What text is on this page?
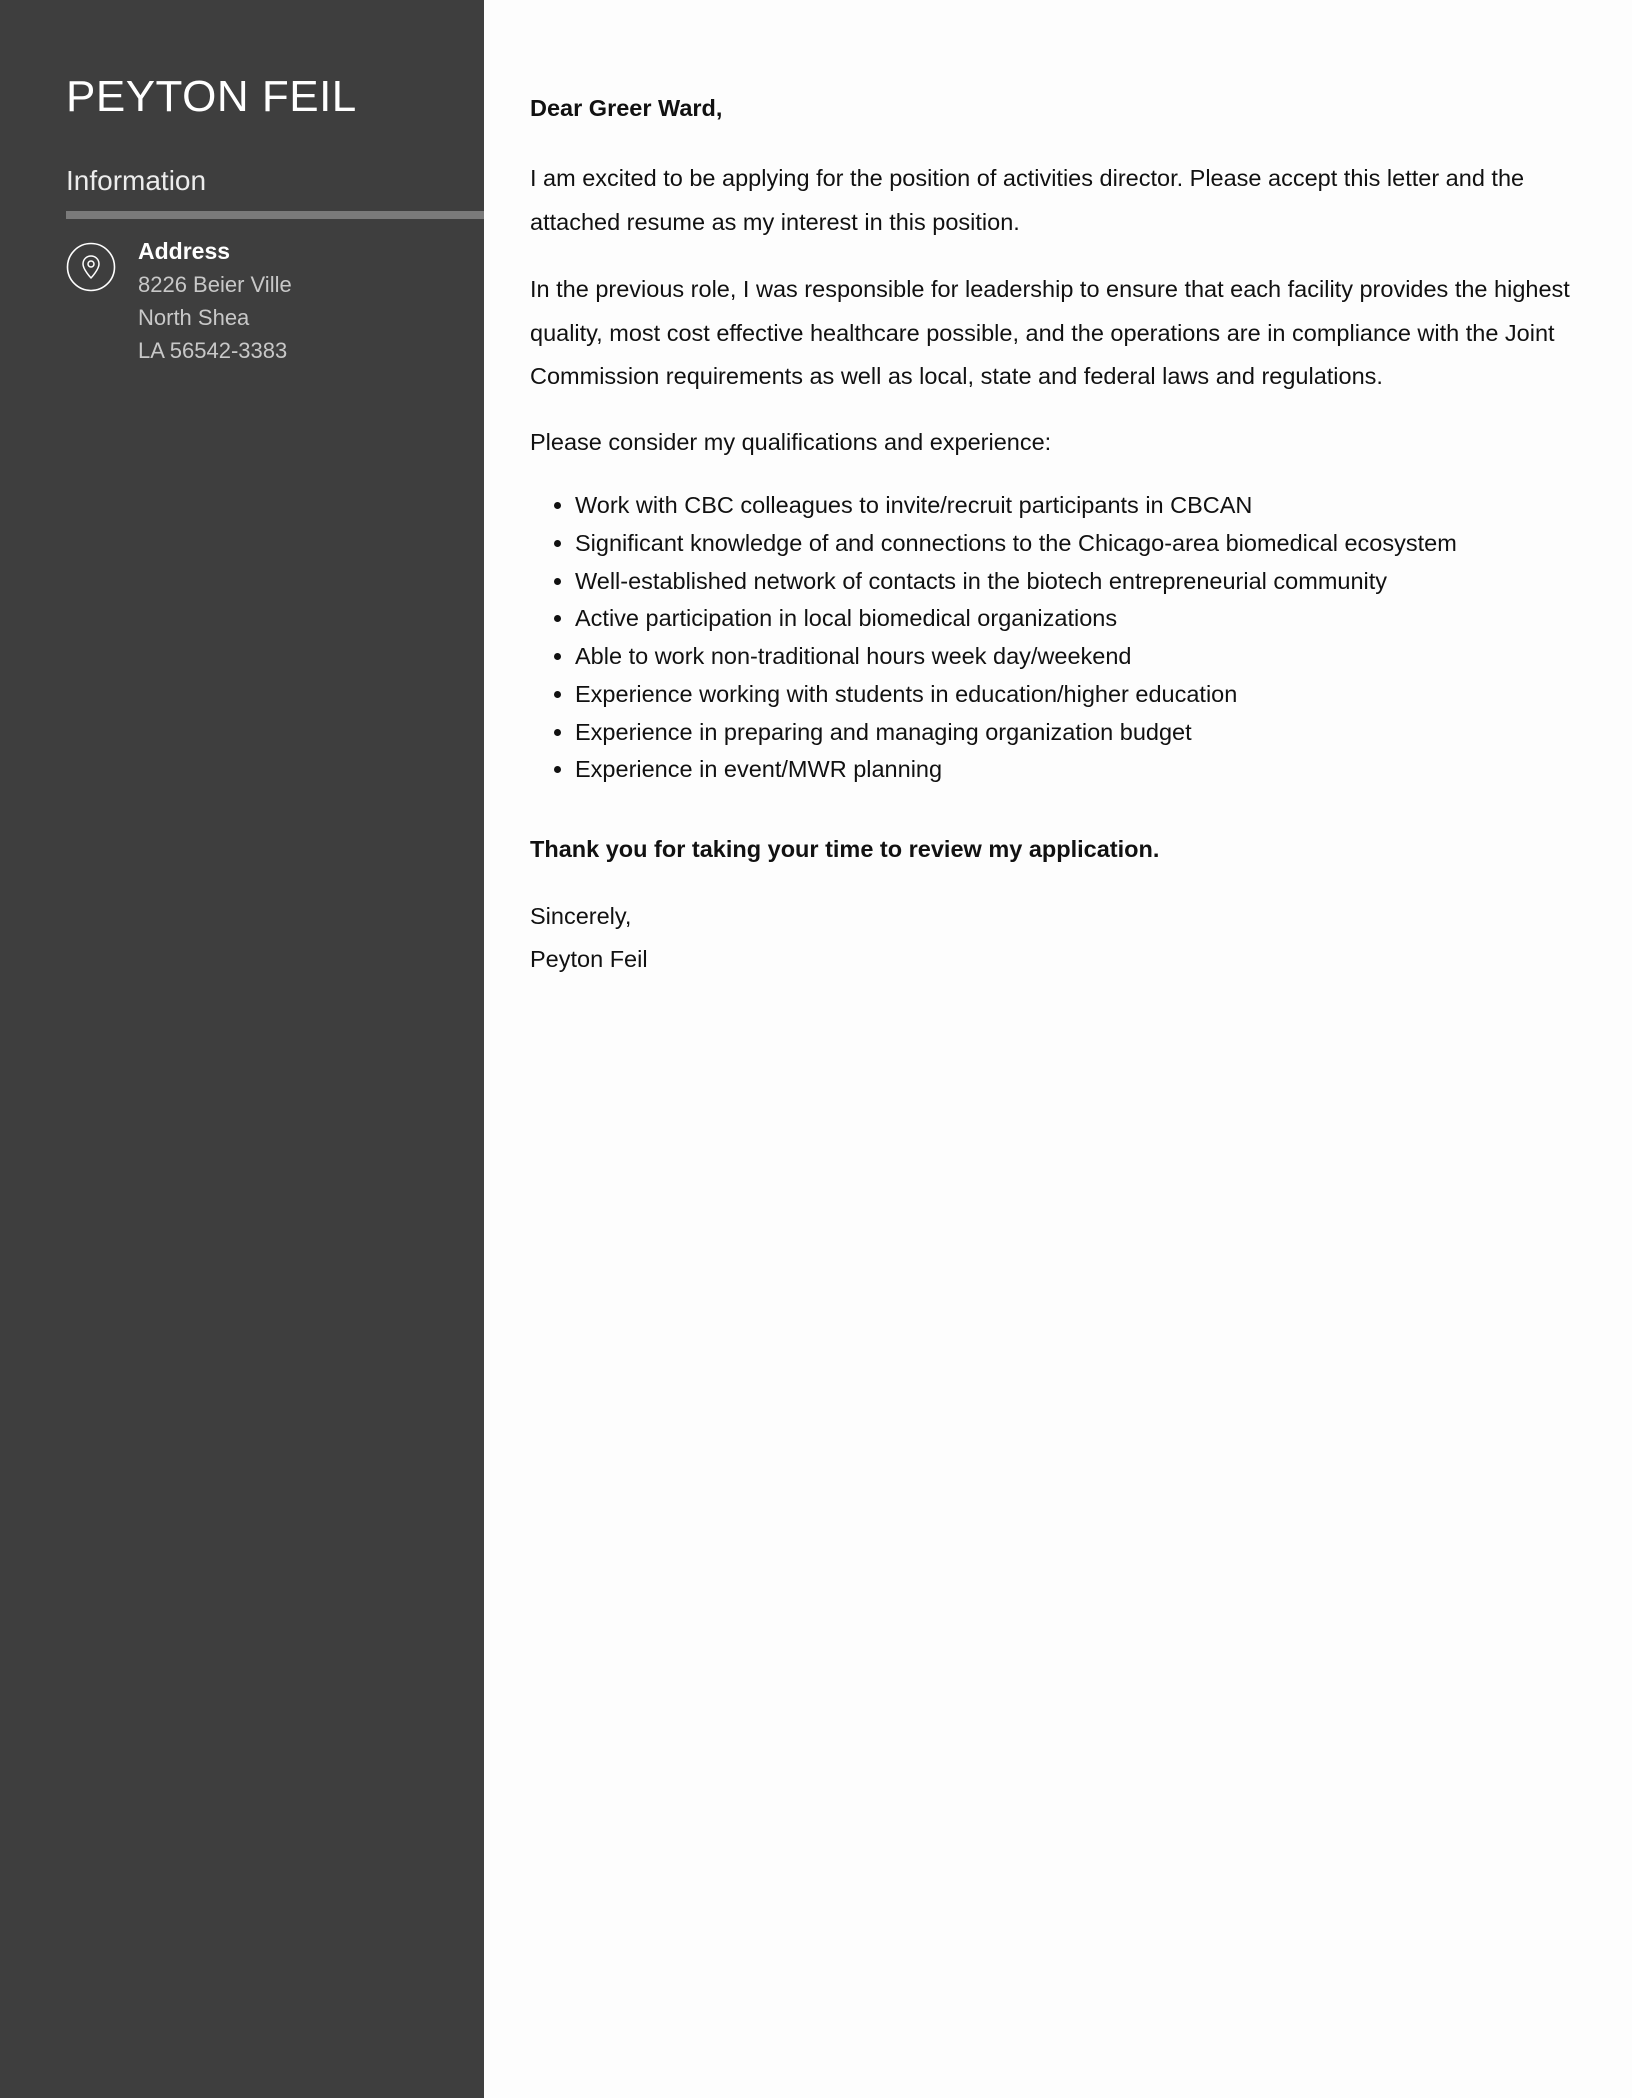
PEYTON FEIL
Information
Address
8226 Beier Ville
North Shea
LA 56542-3383

Dear Greer Ward,

I am excited to be applying for the position of activities director. Please accept this letter and the attached resume as my interest in this position.

In the previous role, I was responsible for leadership to ensure that each facility provides the highest quality, most cost effective healthcare possible, and the operations are in compliance with the Joint Commission requirements as well as local, state and federal laws and regulations.

Please consider my qualifications and experience:

• Work with CBC colleagues to invite/recruit participants in CBCAN
• Significant knowledge of and connections to the Chicago-area biomedical ecosystem
• Well-established network of contacts in the biotech entrepreneurial community
• Active participation in local biomedical organizations
• Able to work non-traditional hours week day/weekend
• Experience working with students in education/higher education
• Experience in preparing and managing organization budget
• Experience in event/MWR planning

Thank you for taking your time to review my application.

Sincerely,

Peyton Feil
